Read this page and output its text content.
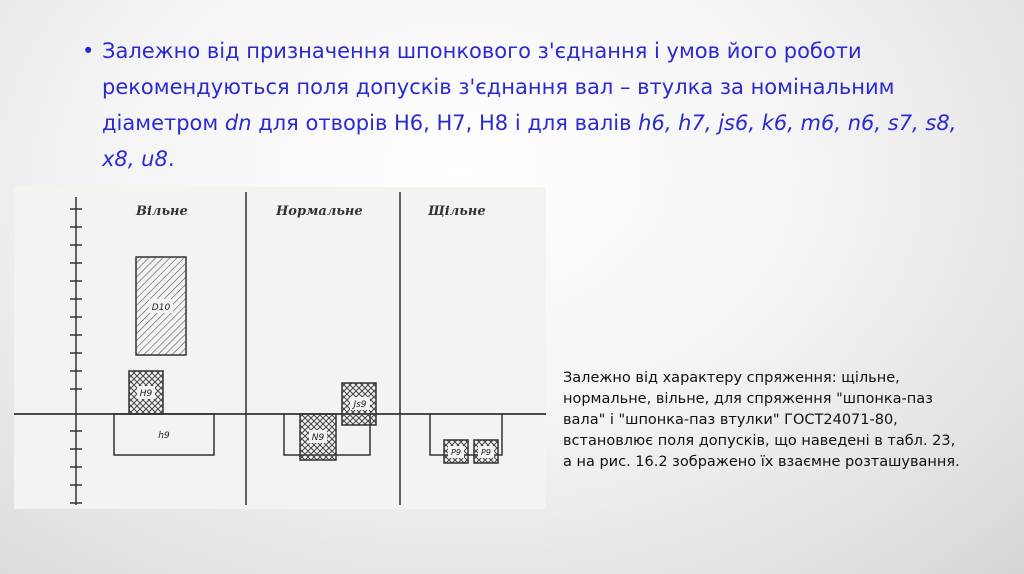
• Залежно від призначення шпонкового з'єднання і умов його роботи рекомендуються поля допусків з'єднання вал – втулка за номінальним діаметром dn для отворів Н6, Н7, Н8 і для валів h6, h7, js6, k6, m6, n6, s7, s8, x8, u8.
Вільне	Нормальне	Щільне
D10
H9
h9	N9
Js9
P9	P9
Залежно від характеру спряження: щільне, нормальне, вільне, для спряження "шпонка-паз вала" і "шпонка-паз втулки" ГОСТ24071-80, встановлює поля допусків, що наведені в табл. 23, а на рис. 16.2 зображено їх взаємне розташування.
